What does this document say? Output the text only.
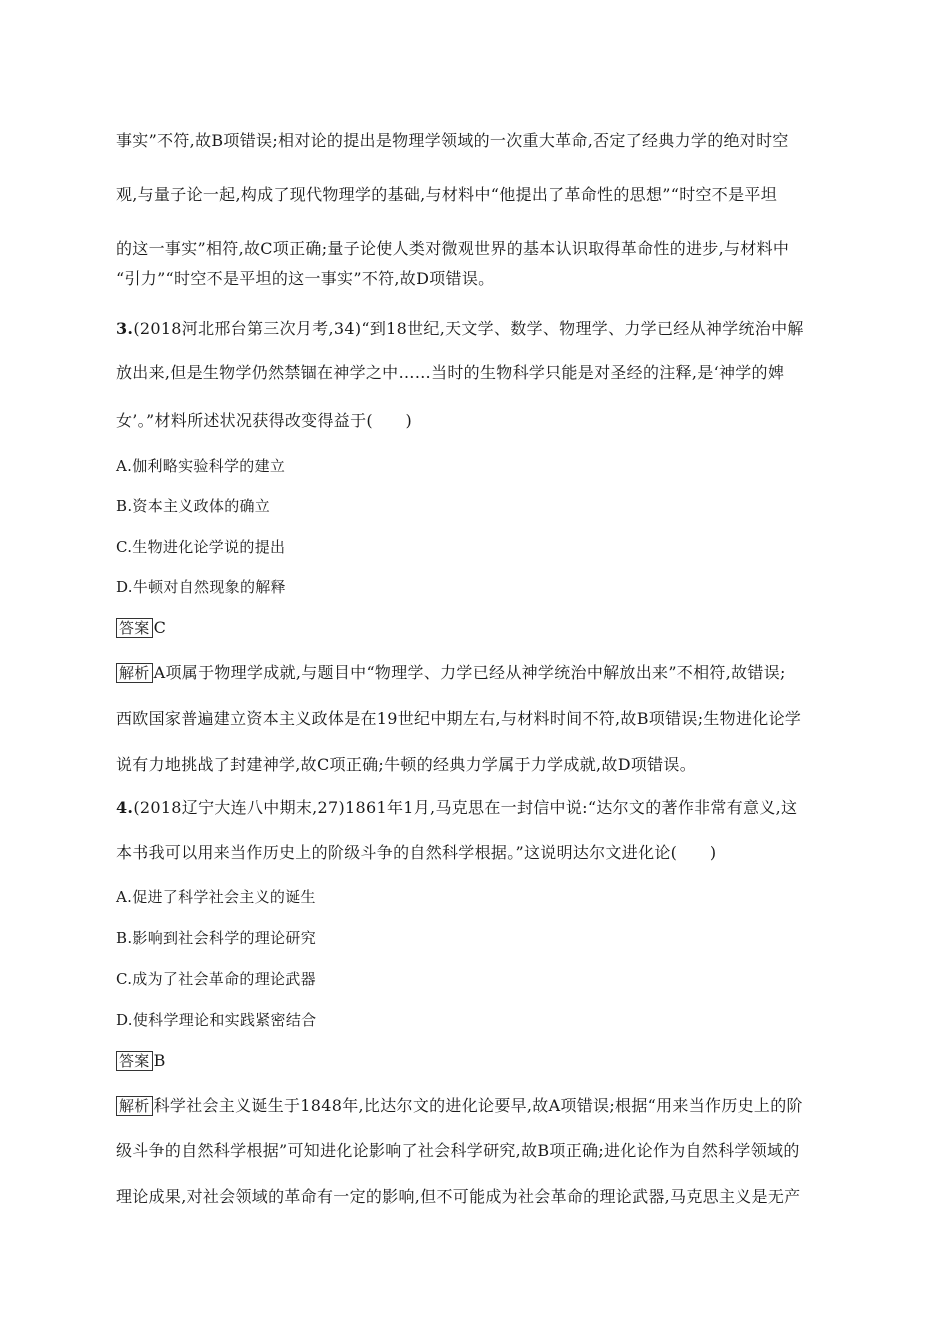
事实”不符,故B项错误;相对论的提出是物理学领域的一次重大革命,否定了经典力学的绝对时空
观,与量子论一起,构成了现代物理学的基础,与材料中“他提出了革命性的思想”“时空不是平坦
的这一事实”相符,故C项正确;量子论使人类对微观世界的基本认识取得革命性的进步,与材料中
“引力”“时空不是平坦的这一事实”不符,故D项错误。
3.(2018河北邢台第三次月考,34)“到18世纪,天文学、数学、物理学、力学已经从神学统治中解
放出来,但是生物学仍然禁锢在神学之中……当时的生物科学只能是对圣经的注释,是‘神学的婢
女’。”材料所述状况获得改变得益于(　　)
A.伽利略实验科学的建立
B.资本主义政体的确立
C.生物进化论学说的提出
D.牛顿对自然现象的解释
答案 C
解析 A项属于物理学成就,与题目中“物理学、力学已经从神学统治中解放出来”不相符,故错误;
西欧国家普遍建立资本主义政体是在19世纪中期左右,与材料时间不符,故B项错误;生物进化论学
说有力地挑战了封建神学,故C项正确;牛顿的经典力学属于力学成就,故D项错误。
4.(2018辽宁大连八中期末,27)1861年1月,马克思在一封信中说:“达尔文的著作非常有意义,这
本书我可以用来当作历史上的阶级斗争的自然科学根据。”这说明达尔文进化论(　　)
A.促进了科学社会主义的诞生
B.影响到社会科学的理论研究
C.成为了社会革命的理论武器
D.使科学理论和实践紧密结合
答案 B
解析 科学社会主义诞生于1848年,比达尔文的进化论要早,故A项错误;根据“用来当作历史上的阶
级斗争的自然科学根据”可知进化论影响了社会科学研究,故B项正确;进化论作为自然科学领域的
理论成果,对社会领域的革命有一定的影响,但不可能成为社会革命的理论武器,马克思主义是无产
